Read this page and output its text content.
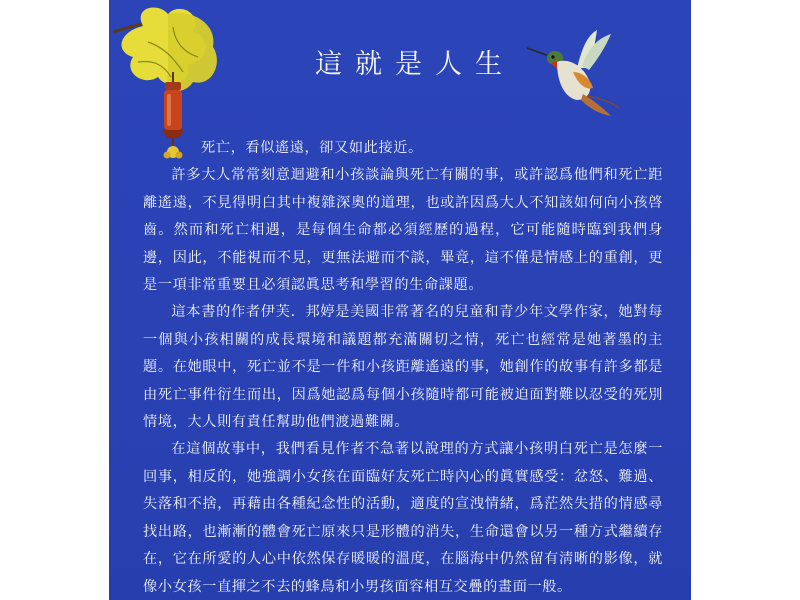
這就是人生

死亡，看似遙遠，卻又如此接近。

許多大人常常刻意迴避和小孩談論與死亡有關的事，或許認爲他們和死亡距離遙遠，不見得明白其中複雜深奧的道理，也或許因爲大人不知該如何向小孩啓齒。然而和死亡相遇，是每個生命都必須經歷的過程，它可能隨時臨到我們身邊，因此，不能視而不見，更無法避而不談，畢竟，這不僅是情感上的重創，更是一項非常重要且必須認眞思考和學習的生命課題。

這本書的作者伊芙．邦婷是美國非常著名的兒童和青少年文學作家，她對每一個與小孩相關的成長環境和議題都充滿關切之情，死亡也經常是她著墨的主題。在她眼中，死亡並不是一件和小孩距離遙遠的事，她創作的故事有許多都是由死亡事件衍生而出，因爲她認爲每個小孩隨時都可能被迫面對難以忍受的死別情境，大人則有責任幫助他們渡過難關。

在這個故事中，我們看見作者不急著以說理的方式讓小孩明白死亡是怎麼一回事，相反的，她強調小女孩在面臨好友死亡時內心的眞實感受：忿怒、難過、失落和不捨，再藉由各種紀念性的活動，適度的宣洩情緒，爲茫然失措的情感尋找出路，也漸漸的體會死亡原來只是形體的消失，生命還會以另一種方式繼續存在，它在所愛的人心中依然保存暖暖的溫度，在腦海中仍然留有淸晰的影像，就像小女孩一直揮之不去的蜂鳥和小男孩面容相互交疊的畫面一般。
